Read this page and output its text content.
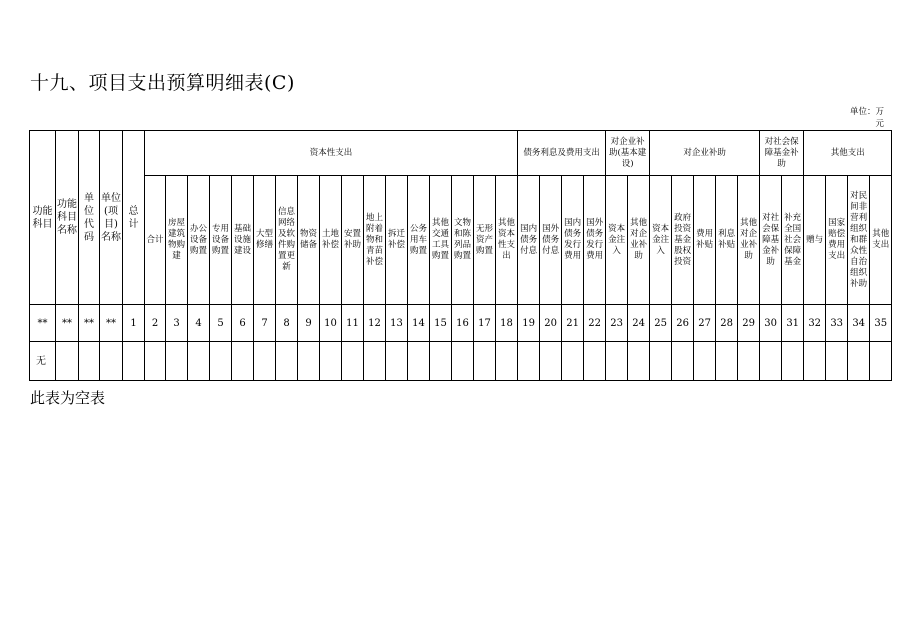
十九、项目支出预算明细表(C)
单位：万元
功能科目	功能科目名称	单位代码	单位(项目)名称	总计	资本性支出																	债务利息及费用支出				对企业补助(基本建设)		对企业补助					对社会保障基金补助		其他支出			
					合计	房屋建筑物购建	办公设备购置	专用设备购置	基础设施建设	大型修缮	信息网络及软件购置更新	物资储备	土地补偿	安置补助	地上附着物和青苗补偿	拆迁补偿	公务用车购置	其他交通工具购置	文物和陈列品购置	无形资产购置	其他资本性支出	国内债务付息	国外债务付息	国内债务发行费用	国外债务发行费用	资本金注入	其他对企业补助	资本金注入	政府投资基金股权投资	费用补贴	利息补贴	其他对企业补助	对社会保障基金补助	补充全国社会保障基金	赠与	国家赔偿费用支出	对民间非营利组织和群众性自治组织补助	其他支出
**	**	**	**	1	2	3	4	5	6	7	8	9	10	11	12	13	14	15	16	17	18	19	20	21	22	23	24	25	26	27	28	29	30	31	32	33	34	35
无																																						
此表为空表
